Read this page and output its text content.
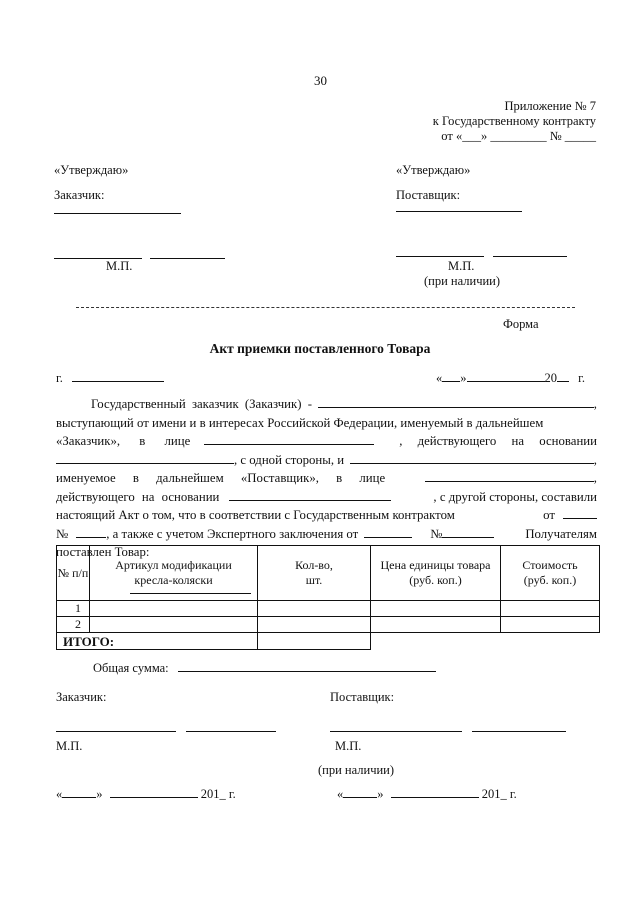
30
Приложение № 7
к Государственному контракту
от «___» _________ № _____
«Утверждаю»
Заказчик:
М.П.
«Утверждаю»
Поставщик:
М.П.
(при наличии)
Форма
Акт приемки поставленного Товара
г.	« »	20 г.
Государственный заказчик (Заказчик) -	,
выступающий от имени и в интересах Российской Федерации, именуемый в дальнейшем
«Заказчик», в лице	, действующего на основании
, с одной стороны, и	,
именуемое в дальнейшем «Поставщик», в лице	,
действующего на основании	, с другой стороны, составили
настоящий Акт о том, что в соответствии с Государственным контрактом	от
№	, а также с учетом Экспертного заключения от	№	Получателям
поставлен Товар:
№ п/п	Артикул модификации кресла-коляски	Кол-во, шт.	Цена единицы товара (руб. коп.)	Стоимость (руб. коп.)

1				
2				
ИТОГО:				
Общая сумма:
Заказчик:	Поставщик:
М.П.	М.П.
(при наличии)
«	»	201_ г.	«	»	201_ г.
